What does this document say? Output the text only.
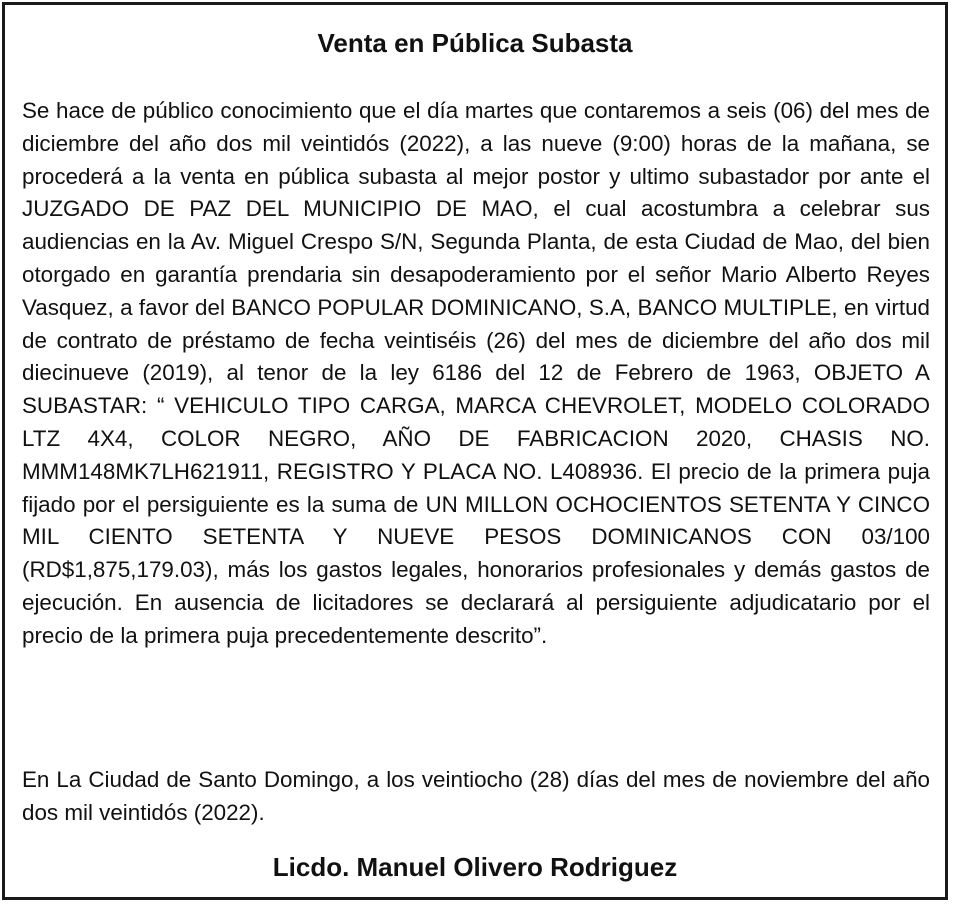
Venta en Pública Subasta

Se hace de público conocimiento que el día martes que contaremos a seis (06) del mes de diciembre del año dos mil veintidós (2022), a las nueve (9:00) horas de la mañana, se procederá a la venta en pública subasta al mejor postor y ultimo subastador por ante el JUZGADO DE PAZ DEL MUNICIPIO DE MAO, el cual acostumbra a celebrar sus audiencias en la Av. Miguel Crespo S/N, Segunda Planta, de esta Ciudad de Mao, del bien otorgado en garantía prendaria sin desapoderamiento por el señor Mario Alberto Reyes Vasquez, a favor del BANCO POPULAR DOMINICANO, S.A, BANCO MULTIPLE, en virtud de contrato de préstamo de fecha veintiséis (26) del mes de diciembre del año dos mil diecinueve (2019), al tenor de la ley 6186 del 12 de Febrero de 1963, OBJETO A SUBASTAR: “ VEHICULO TIPO CARGA, MARCA CHEVROLET, MODELO COLORADO LTZ 4X4, COLOR NEGRO, AÑO DE FABRICACION 2020, CHASIS NO. MMM148MK7LH621911, REGISTRO Y PLACA NO. L408936. El precio de la primera puja fijado por el persiguiente es la suma de UN MILLON OCHOCIENTOS SETENTA Y CINCO MIL CIENTO SETENTA Y NUEVE PESOS DOMINICANOS CON 03/100 (RD$1,875,179.03), más los gastos legales, honorarios profesionales y demás gastos de ejecución. En ausencia de licitadores se declarará al persiguiente adjudicatario por el precio de la primera puja precedentemente descrito”.

En La Ciudad de Santo Domingo, a los veintiocho (28) días del mes de noviembre del año dos mil veintidós (2022).

Licdo. Manuel Olivero Rodriguez
